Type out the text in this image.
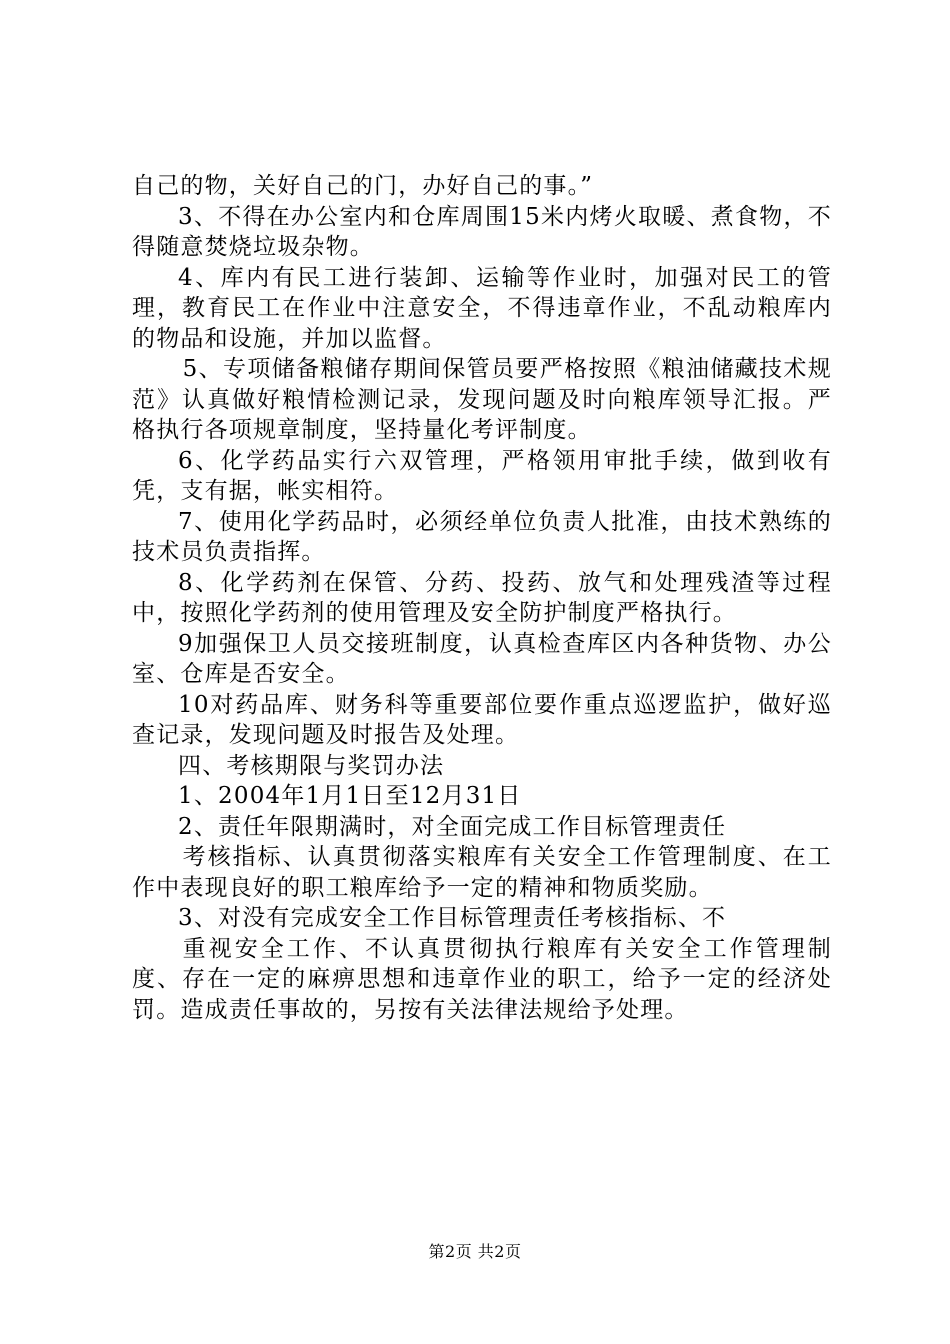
自己的物，关好自己的门，办好自己的事。”

3、不得在办公室内和仓库周围15米内烤火取暖、煮食物，不得随意焚烧垃圾杂物。

4、库内有民工进行装卸、运输等作业时，加强对民工的管理，教育民工在作业中注意安全，不得违章作业，不乱动粮库内的物品和设施，并加以监督。

5、专项储备粮储存期间保管员要严格按照《粮油储藏技术规范》认真做好粮情检测记录，发现问题及时向粮库领导汇报。严格执行各项规章制度，坚持量化考评制度。

6、化学药品实行六双管理，严格领用审批手续，做到收有凭，支有据，帐实相符。

7、使用化学药品时，必须经单位负责人批准，由技术熟练的技术员负责指挥。

8、化学药剂在保管、分药、投药、放气和处理残渣等过程中，按照化学药剂的使用管理及安全防护制度严格执行。

9加强保卫人员交接班制度，认真检查库区内各种货物、办公室、仓库是否安全。

10对药品库、财务科等重要部位要作重点巡逻监护，做好巡查记录，发现问题及时报告及处理。

四、考核期限与奖罚办法

1、2004年1月1日至12月31日

2、责任年限期满时，对全面完成工作目标管理责任

考核指标、认真贯彻落实粮库有关安全工作管理制度、在工作中表现良好的职工粮库给予一定的精神和物质奖励。

3、对没有完成安全工作目标管理责任考核指标、不

重视安全工作、不认真贯彻执行粮库有关安全工作管理制度、存在一定的麻痹思想和违章作业的职工，给予一定的经济处罚。造成责任事故的，另按有关法律法规给予处理。

第2页 共2页
